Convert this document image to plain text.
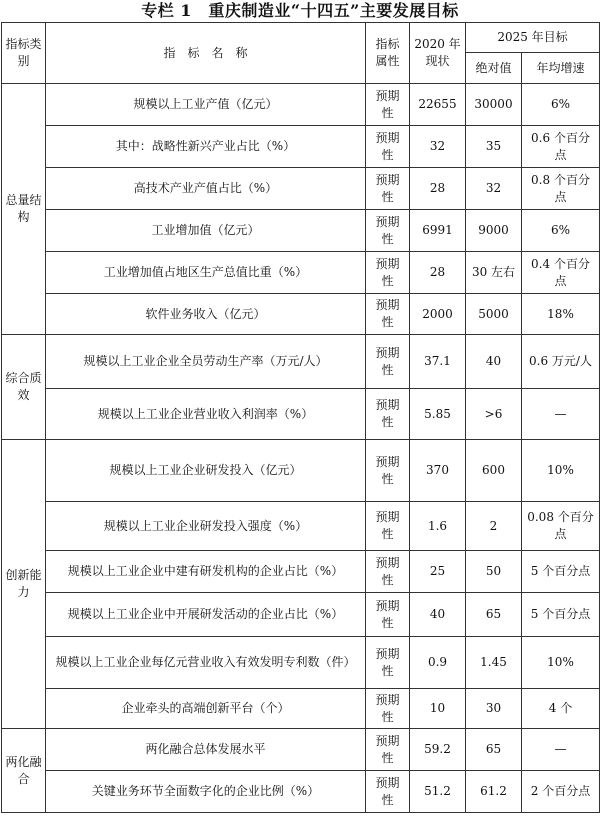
专栏 1　重庆制造业“十四五”主要发展目标
指标类别	指　标　名　称	指标属性	2020 年现状	2025 年目标	
				绝对值	年均增速
总量结构	规模以上工业产值（亿元）	预期性	22655	30000	6%
	其中：战略性新兴产业占比（%）	预期性	32	35	0.6 个百分点
	高技术产业产值占比（%）	预期性	28	32	0.8 个百分点
	工业增加值（亿元）	预期性	6991	9000	6%
	工业增加值占地区生产总值比重（%）	预期性	28	30 左右	0.4 个百分点
	软件业务收入（亿元）	预期性	2000	5000	18%
综合质效	规模以上工业企业全员劳动生产率（万元/人）	预期性	37.1	40	0.6 万元/人
	规模以上工业企业营业收入利润率（%）	预期性	5.85	>6	—
创新能力	规模以上工业企业研发投入（亿元）	预期性	370	600	10%
	规模以上工业企业研发投入强度（%）	预期性	1.6	2	0.08 个百分点
	规模以上工业企业中建有研发机构的企业占比（%）	预期性	25	50	5 个百分点
	规模以上工业企业中开展研发活动的企业占比（%）	预期性	40	65	5 个百分点
	规模以上工业企业每亿元营业收入有效发明专利数（件）	预期性	0.9	1.45	10%
	企业牵头的高端创新平台（个）	预期性	10	30	4 个
两化融合	两化融合总体发展水平	预期性	59.2	65	—
	关键业务环节全面数字化的企业比例（%）	预期性	51.2	61.2	2 个百分点
